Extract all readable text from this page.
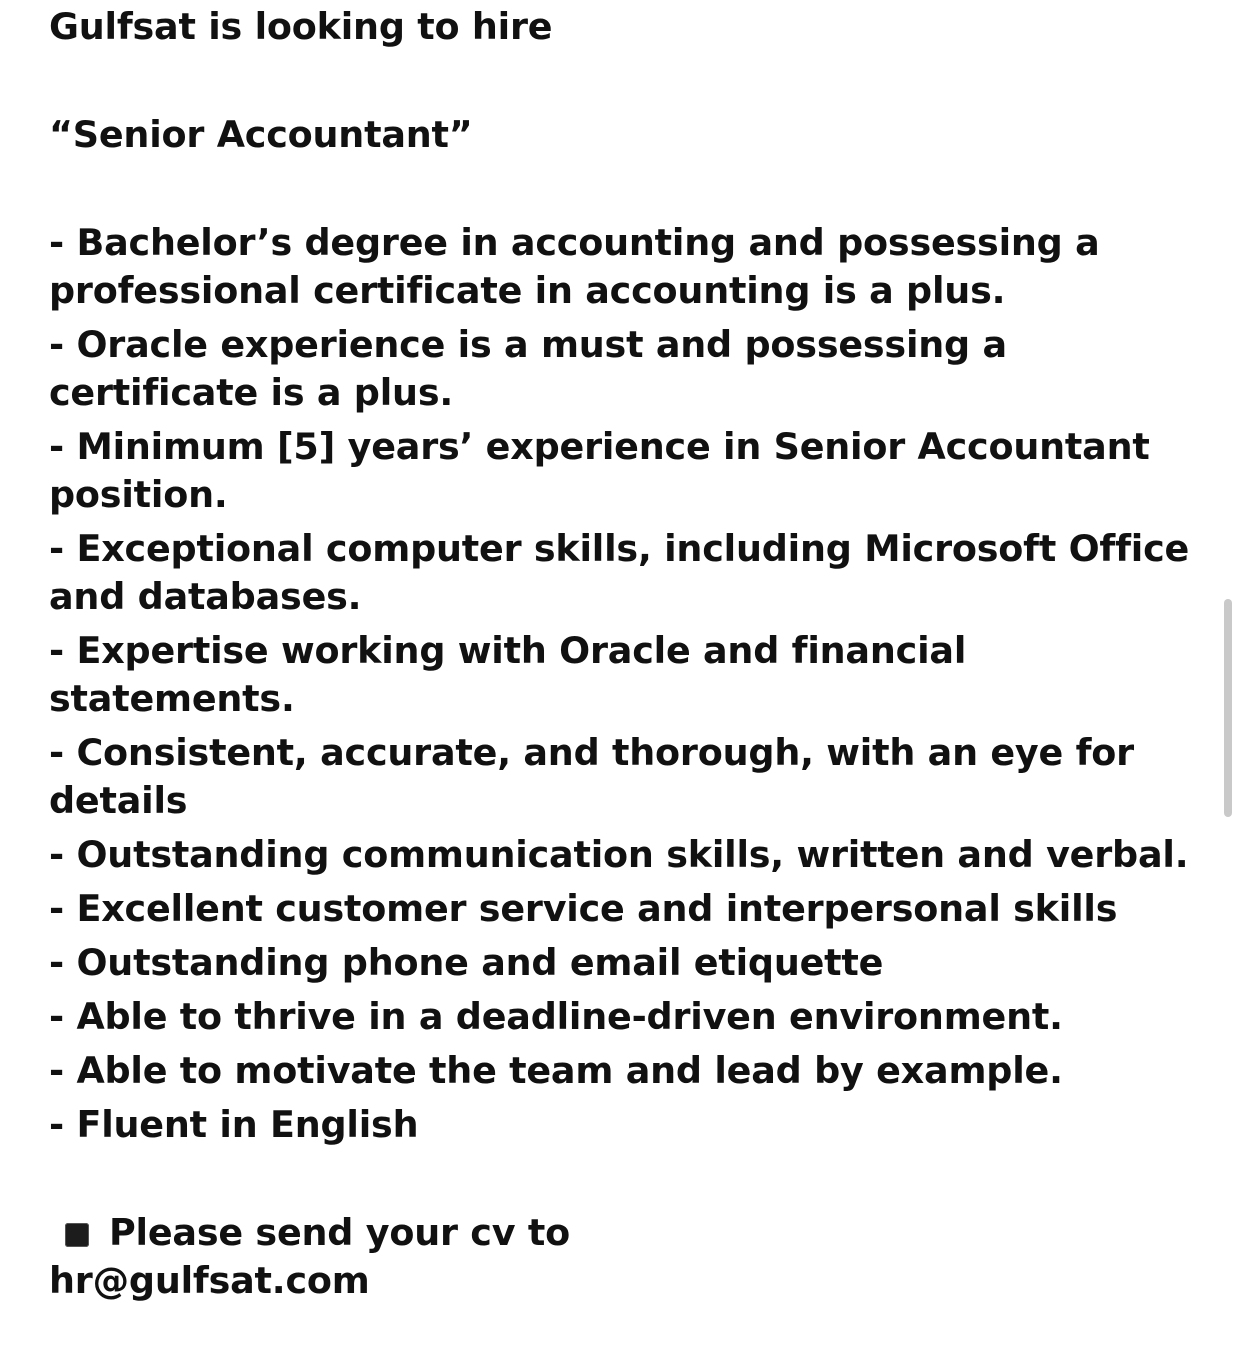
Gulfsat is looking to hire
“Senior Accountant”
- Bachelor’s degree in accounting and possessing a
professional certificate in accounting is a plus.
- Oracle experience is a must and possessing a
certificate is a plus.
- Minimum [5] years’ experience in Senior Accountant
position.
- Exceptional computer skills, including Microsoft Office
and databases.
- Expertise working with Oracle and financial
statements.
- Consistent, accurate, and thorough, with an eye for
details
- Outstanding communication skills, written and verbal.
- Excellent customer service and interpersonal skills
- Outstanding phone and email etiquette
- Able to thrive in a deadline-driven environment.
- Able to motivate the team and lead by example.
- Fluent in English
Please send your cv to
hr@gulfsat.com
